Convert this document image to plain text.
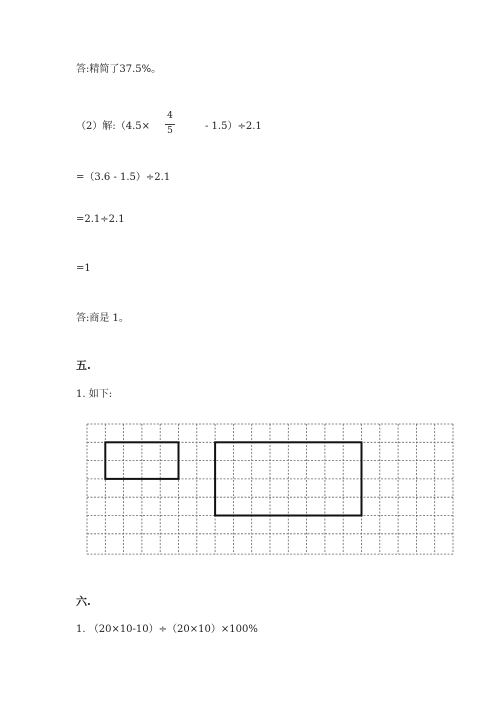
答:精简了37.5%。
（2）解:（4.5×
4
5	- 1.5）÷2.1
=（3.6 - 1.5）÷2.1
=2.1÷2.1
=1
答:商是 1。
五.
1. 如下:
六.
1. （20×10-10）÷（20×10）×100%
